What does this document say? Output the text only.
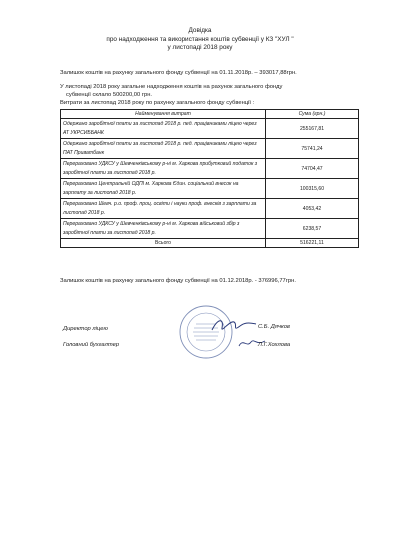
Довідка
про надходження та використання коштів субвенції у КЗ "ХУЛ "
у листопаді 2018 року
Залишок коштів на рахунку загального фонду субвенції на 01.11.2018р. – 393017,88грн.
У листопаді 2018 року загальне надходження коштів на рахунок загального фонду
субвенції склало 500200,00 грн.
Витрати за листопад 2018 року по рахунку загального фонду субвенції :
Найменування витрат	Сума (грн.)
Одержано заробітної плати за листопад 2018 р. пед. працівниками ліцею через АТ УКРСИББАНК	255167,81
Одержано заробітної плати за листопад 2018 р. пед. працівниками ліцею через ПАТ Приватбанк	75741,24
Перераховано УДКСУ у Шевченківському р-ні м. Харкова прибутковий податок з заробітної плати за листопад 2018 р.	74704,47
Перераховано Центральній ОДПІ м. Харкова Єдин. соціальний внесок на зарплату за листопад 2018 р.	100315,60
Перераховано Шевч. р.о. проф. проц. освіти і науки проф. внесків з зарплати за листопад 2018 р.	4053,42
Перераховано УДКСУ у Шевченківському р-ні м. Харкова військовий збір з заробітної плати за листопад 2018 р.	6238,57
Всього	516221,11
Залишок коштів на рахунку загального фонду субвенції на 01.12.2018р. - 376996,77грн.
Директор ліцею	С.Б. Дячков
Головний бухгалтер	Л.Г.Хохлова
